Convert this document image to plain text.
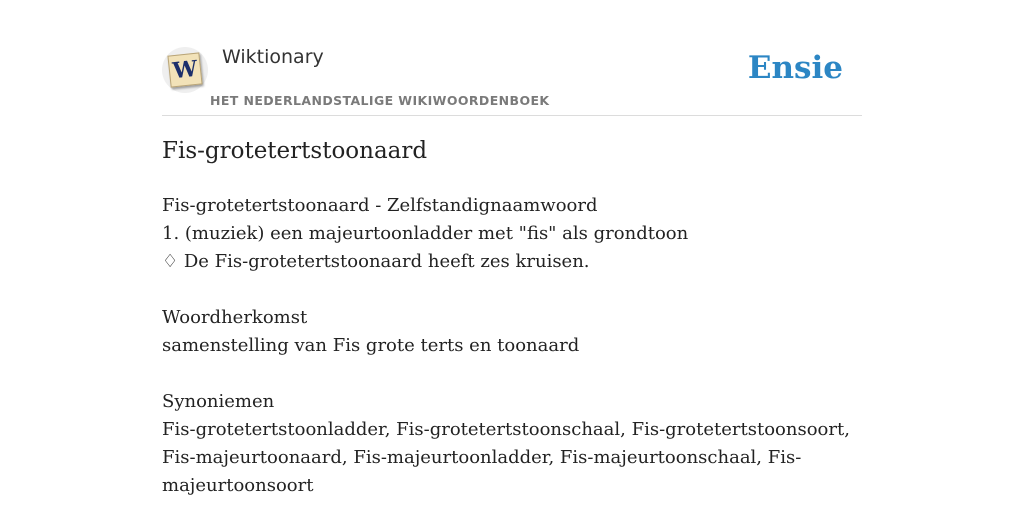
W Wiktionary
HET NEDERLANDSTALIGE WIKIWOORDENBOEK
Ensie
Fis-grotetertstoonaard
Fis-grotetertstoonaard - Zelfstandignaamwoord
1. (muziek) een majeurtoonladder met "fis" als grondtoon
♢ De Fis-grotetertstoonaard heeft zes kruisen.
Woordherkomst
samenstelling van Fis grote terts en toonaard
Synoniemen
Fis-grotetertstoonladder, Fis-grotetertstoonschaal, Fis-grotetertstoonsoort, Fis-majeurtoonaard, Fis-majeurtoonladder, Fis-majeurtoonschaal, Fis-majeurtoonsoort
